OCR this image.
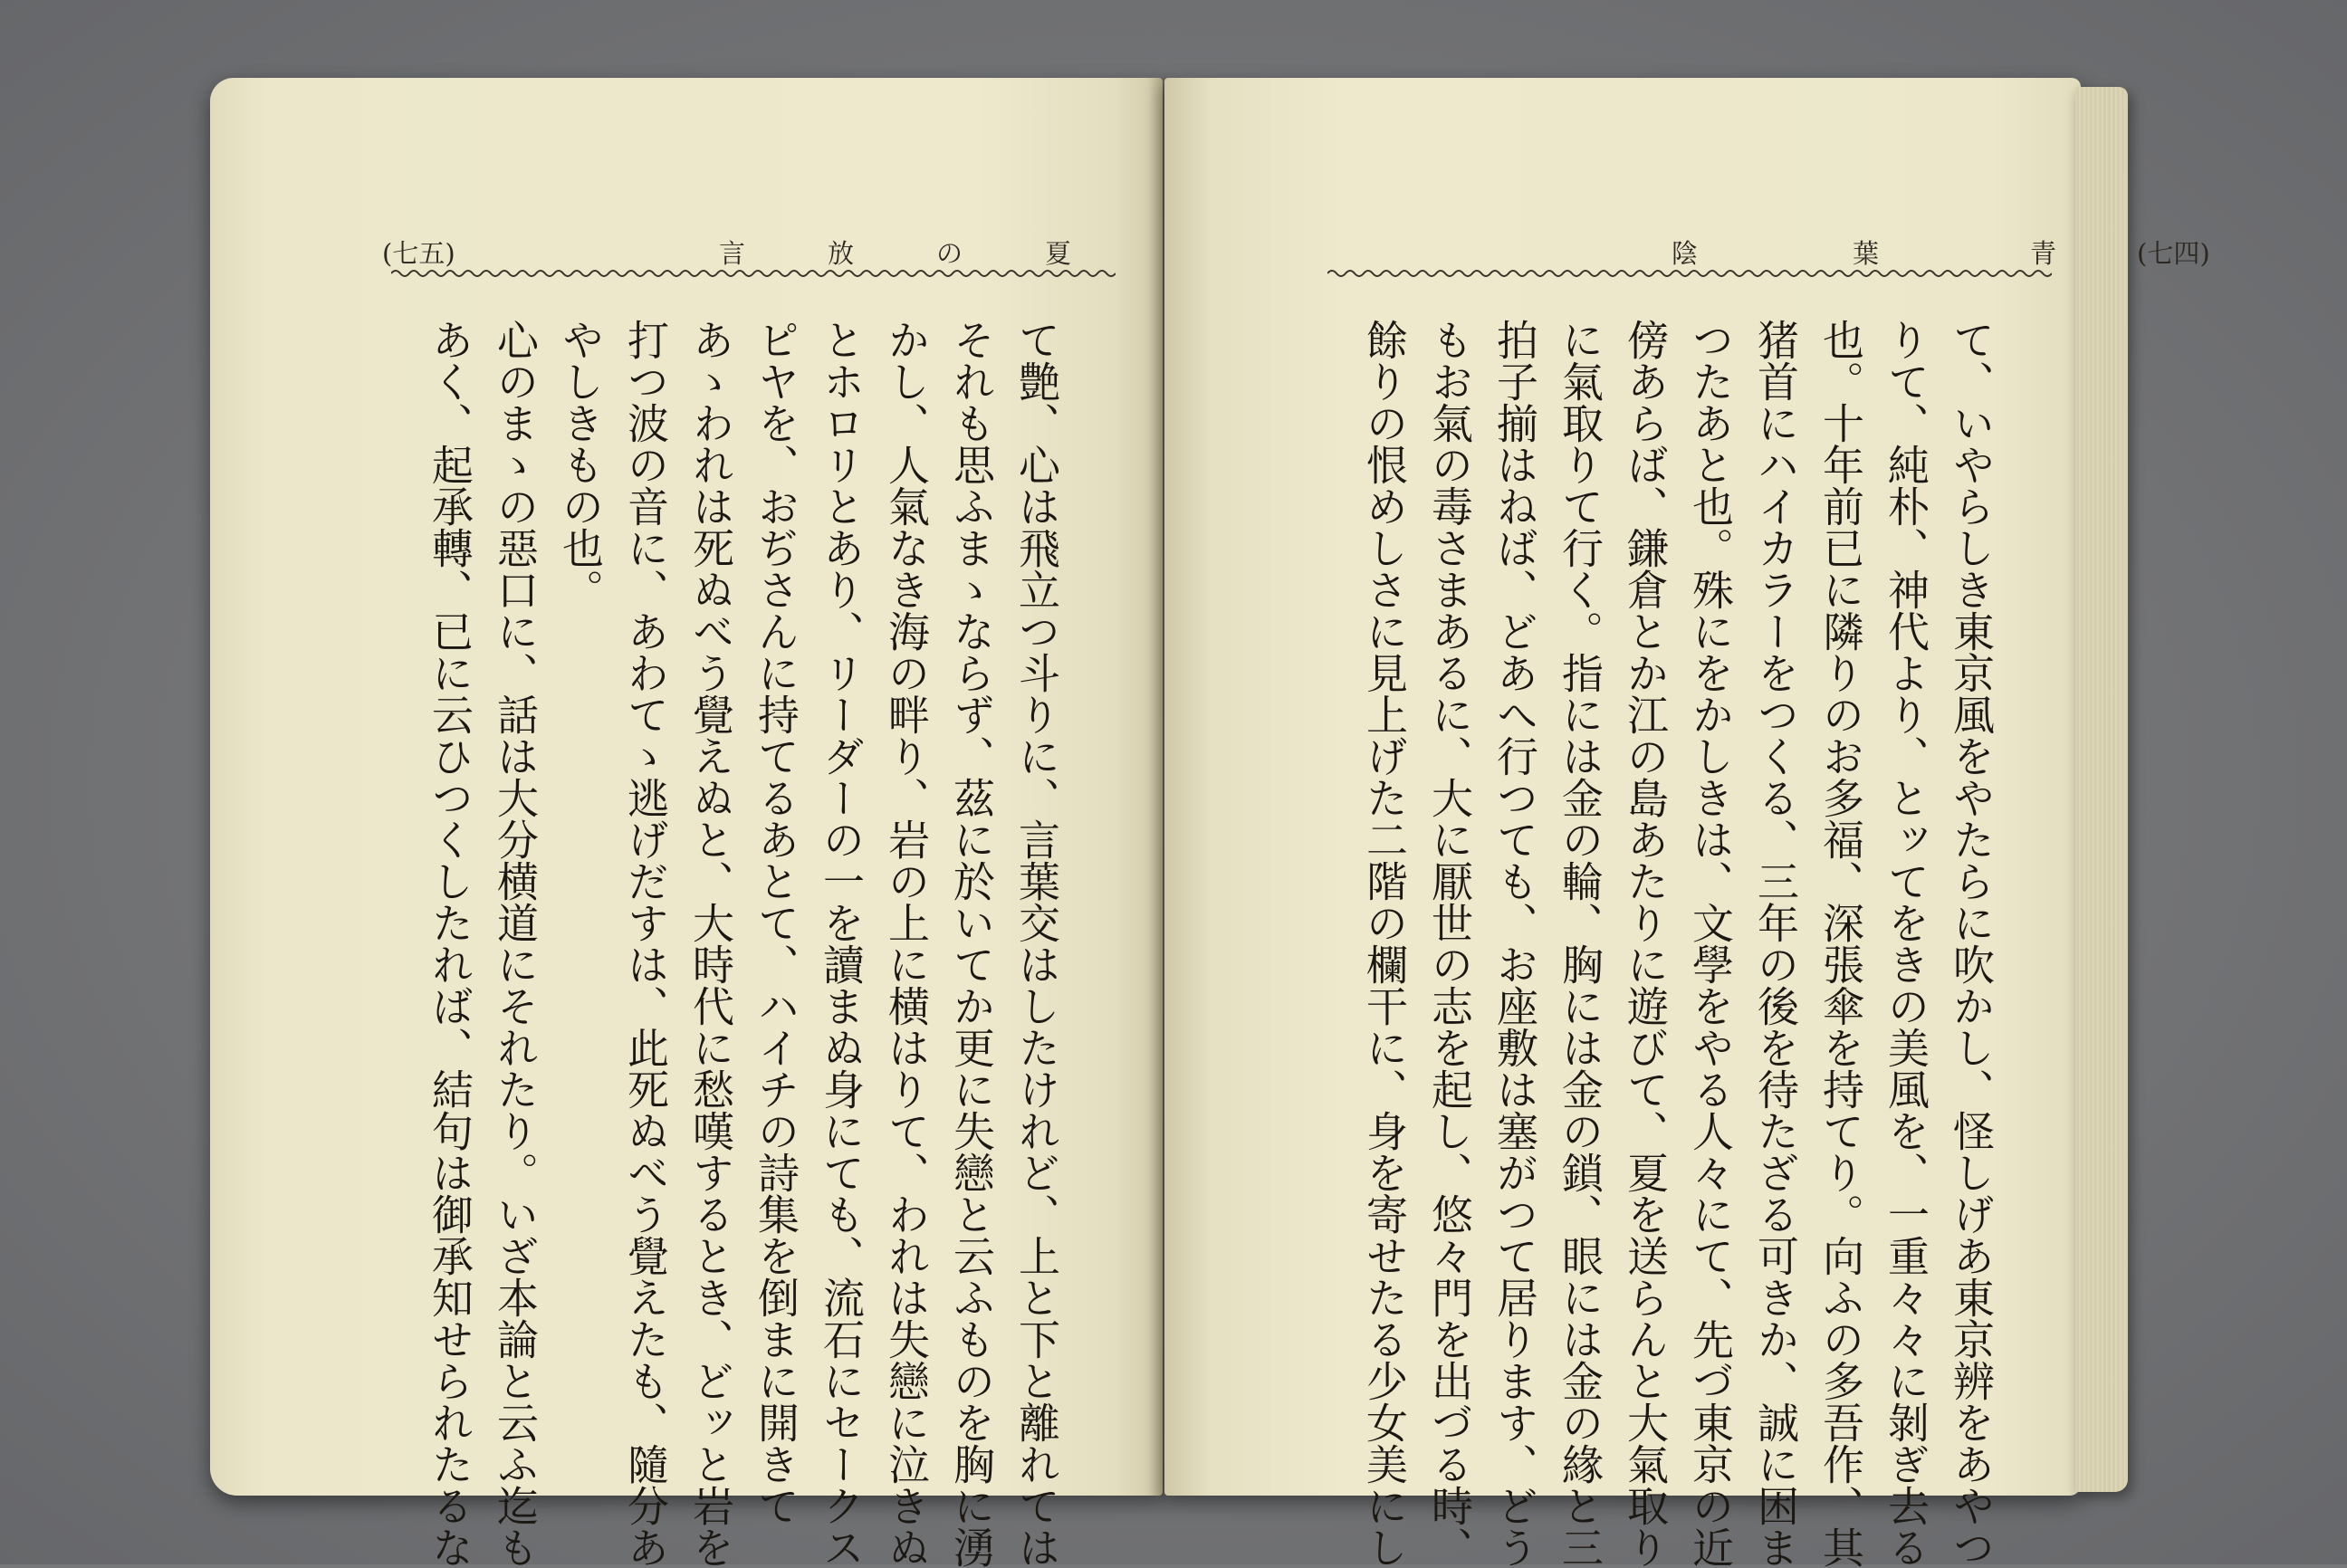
(七五)	言	放	の	夏
て艶、心は飛立つ斗りに、言葉交はしたけれど、上と下と離れては
それも思ふまゝならず、茲に於いてか更に失戀と云ふものを胸に湧
かし、人氣なき海の畔り、岩の上に横はりて、われは失戀に泣きぬ
とホロリとあり、リーダーの一を讀まぬ身にても、流石にセークス
ピヤを、おぢさんに持てるあとて、ハイチの詩集を倒まに開きて
あゝわれは死ぬべう覺えぬと、大時代に愁嘆するとき、どッと岩を
打つ波の音に、あわてゝ逃げだすは、此死ぬべう覺えたも、隨分あ
やしきもの也。
心のまゝの惡口に、話は大分横道にそれたり。いざ本論と云ふ迄も
あく、起承轉、已に云ひつくしたれば、結句は御承知せられたるな
陰	葉	青	(七四)
て、いやらしき東京風をやたらに吹かし、怪しげあ東京辨をあやつ
りて、純朴、神代より、とッてをきの美風を、一重々々に剝ぎ去る
也。十年前已に隣りのお多福、深張傘を持てり。向ふの多吾作、其
猪首にハイカラーをつくる、三年の後を待たざる可きか、誠に困ま
つたあと也。殊にをかしきは、文學をやる人々にて、先づ東京の近
傍あらば、鎌倉とか江の島あたりに遊びて、夏を送らんと大氣取り
に氣取りて行く。指には金の輪、胸には金の鎖、眼には金の緣と三
拍子揃はねば、どあへ行つても、お座敷は塞がつて居ります、どう
もお氣の毒さまあるに、大に厭世の志を起し、悠々門を出づる時、
餘りの恨めしさに見上げた二階の欄干に、身を寄せたる少女美にし
